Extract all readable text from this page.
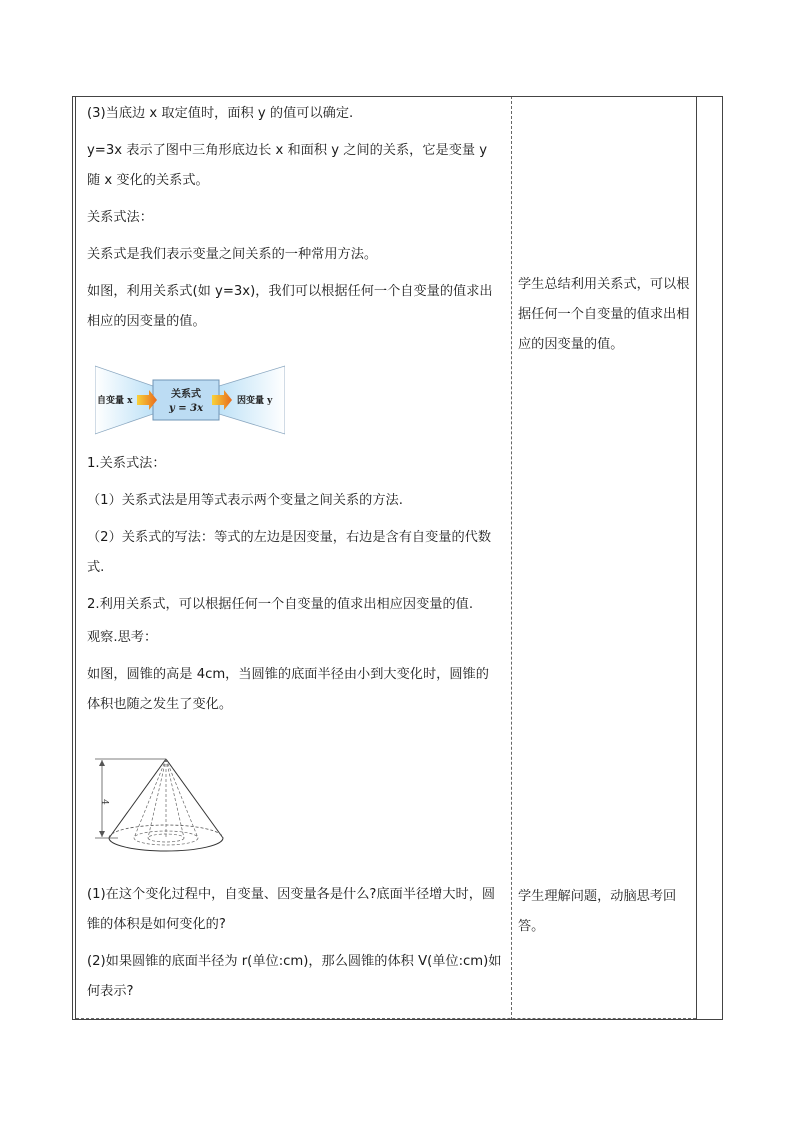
(3)当底边 x 取定值时，面积 y 的值可以确定.

y=3x 表示了图中三角形底边长 x 和面积 y 之间的关系，它是变量 y 随 x 变化的关系式。

关系式法：

关系式是我们表示变量之间关系的一种常用方法。

如图，利用关系式(如 y=3x)，我们可以根据任何一个自变量的值求出相应的因变量的值。

关系式
y = 3x
自变量 x	因变量 y

1.关系式法：

（1）关系式法是用等式表示两个变量之间关系的方法.

（2）关系式的写法：等式的左边是因变量，右边是含有自变量的代数式.

2.利用关系式，可以根据任何一个自变量的值求出相应因变量的值.

观察.思考：

如图，圆锥的高是 4cm，当圆锥的底面半径由小到大变化时，圆锥的体积也随之发生了变化。

4

(1)在这个变化过程中，自变量、因变量各是什么?底面半径增大时，圆锥的体积是如何变化的?

(2)如果圆锥的底面半径为 r(单位:cm)，那么圆锥的体积 V(单位:cm)如何表示?

学生总结利用关系式，可以根据任何一个自变量的值求出相应的因变量的值。

学生理解问题，动脑思考回答。
